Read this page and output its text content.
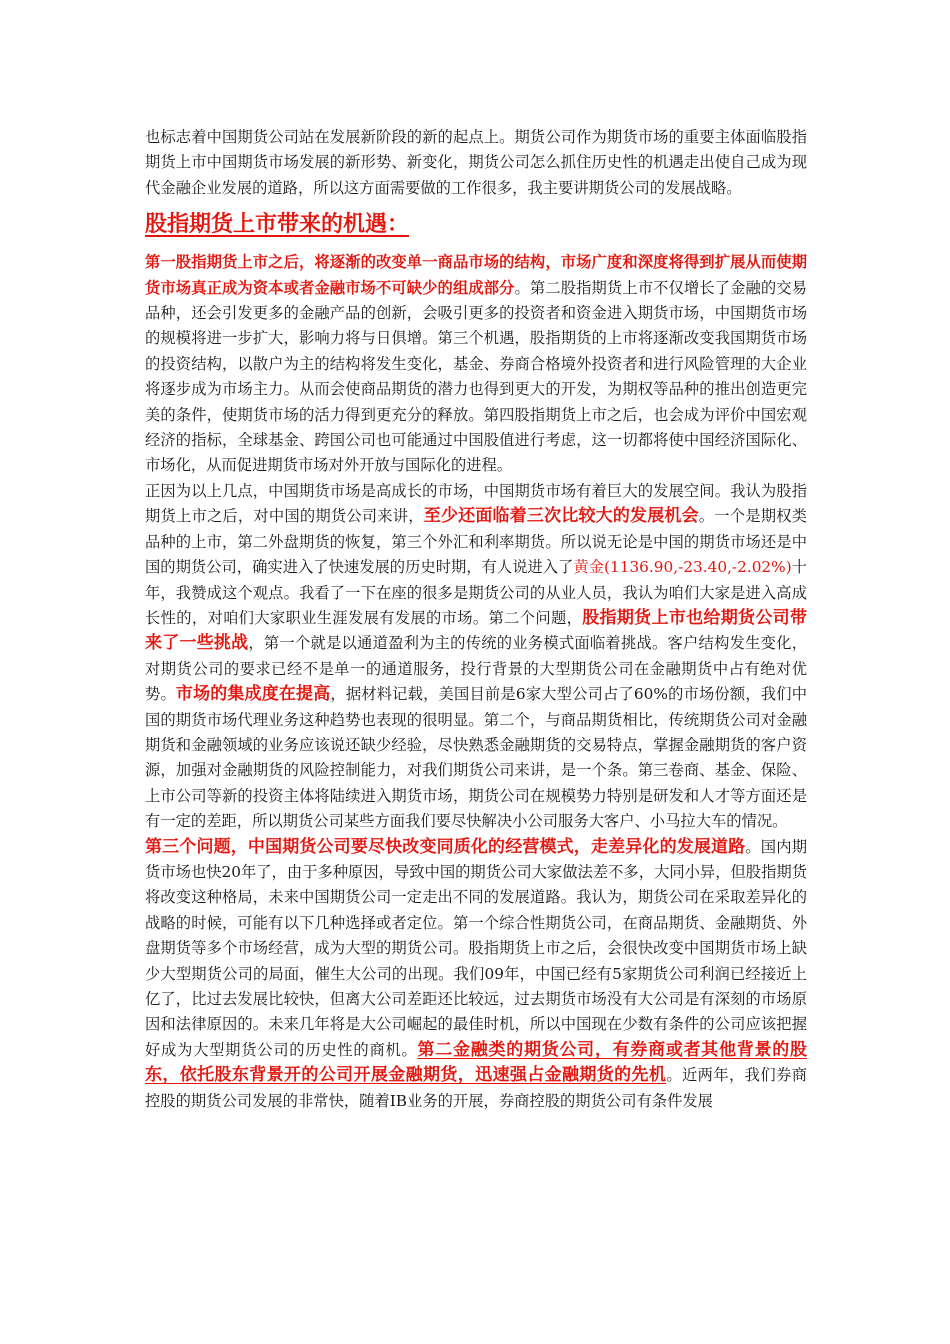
也标志着中国期货公司站在发展新阶段的新的起点上。期货公司作为期货市场的重要主体面临股指期货上市中国期货市场发展的新形势、新变化，期货公司怎么抓住历史性的机遇走出使自己成为现代金融企业发展的道路，所以这方面需要做的工作很多，我主要讲期货公司的发展战略。

股指期货上市带来的机遇：

第一股指期货上市之后，将逐渐的改变单一商品市场的结构，市场广度和深度将得到扩展从而使期货市场真正成为资本或者金融市场不可缺少的组成部分。第二股指期货上市不仅增长了金融的交易品种，还会引发更多的金融产品的创新，会吸引更多的投资者和资金进入期货市场，中国期货市场的规模将进一步扩大，影响力将与日俱增。第三个机遇，股指期货的上市将逐渐改变我国期货市场的投资结构，以散户为主的结构将发生变化，基金、券商合格境外投资者和进行风险管理的大企业将逐步成为市场主力。从而会使商品期货的潜力也得到更大的开发，为期权等品种的推出创造更完美的条件，使期货市场的活力得到更充分的释放。第四股指期货上市之后，也会成为评价中国宏观经济的指标，全球基金、跨国公司也可能通过中国股值进行考虑，这一切都将使中国经济国际化、市场化，从而促进期货市场对外开放与国际化的进程。

正因为以上几点，中国期货市场是高成长的市场，中国期货市场有着巨大的发展空间。我认为股指期货上市之后，对中国的期货公司来讲，至少还面临着三次比较大的发展机会。一个是期权类品种的上市，第二外盘期货的恢复，第三个外汇和利率期货。所以说无论是中国的期货市场还是中国的期货公司，确实进入了快速发展的历史时期，有人说进入了黄金(1136.90,-23.40,-2.02%)十年，我赞成这个观点。我看了一下在座的很多是期货公司的从业人员，我认为咱们大家是进入高成长性的，对咱们大家职业生涯发展有发展的市场。第二个问题，股指期货上市也给期货公司带来了一些挑战，第一个就是以通道盈利为主的传统的业务模式面临着挑战。客户结构发生变化，对期货公司的要求已经不是单一的通道服务，投行背景的大型期货公司在金融期货中占有绝对优势。市场的集成度在提高，据材料记载，美国目前是6家大型公司占了60%的市场份额，我们中国的期货市场代理业务这种趋势也表现的很明显。第二个，与商品期货相比，传统期货公司对金融期货和金融领域的业务应该说还缺少经验，尽快熟悉金融期货的交易特点，掌握金融期货的客户资源，加强对金融期货的风险控制能力，对我们期货公司来讲，是一个条。第三卷商、基金、保险、上市公司等新的投资主体将陆续进入期货市场，期货公司在规模势力特别是研发和人才等方面还是有一定的差距，所以期货公司某些方面我们要尽快解决小公司服务大客户、小马拉大车的情况。

第三个问题，中国期货公司要尽快改变同质化的经营模式，走差异化的发展道路。国内期货市场也快20年了，由于多种原因，导致中国的期货公司大家做法差不多，大同小异，但股指期货将改变这种格局，未来中国期货公司一定走出不同的发展道路。我认为，期货公司在采取差异化的战略的时候，可能有以下几种选择或者定位。第一个综合性期货公司，在商品期货、金融期货、外盘期货等多个市场经营，成为大型的期货公司。股指期货上市之后，会很快改变中国期货市场上缺少大型期货公司的局面，催生大公司的出现。我们09年，中国已经有5家期货公司利润已经接近上亿了，比过去发展比较快，但离大公司差距还比较远，过去期货市场没有大公司是有深刻的市场原因和法律原因的。未来几年将是大公司崛起的最佳时机，所以中国现在少数有条件的公司应该把握好成为大型期货公司的历史性的商机。第二金融类的期货公司，有券商或者其他背景的股东，依托股东背景开的公司开展金融期货，迅速强占金融期货的先机。近两年，我们券商控股的期货公司发展的非常快，随着IB业务的开展，券商控股的期货公司有条件发展
